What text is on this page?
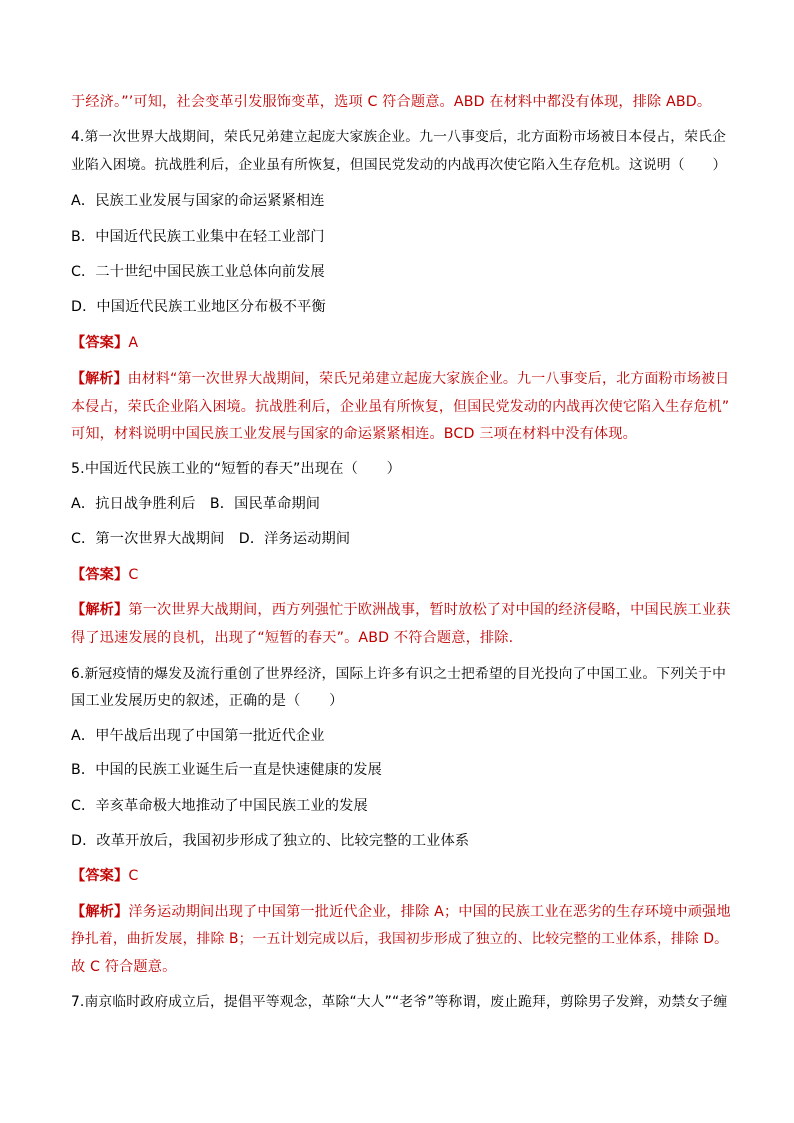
于经济。”’可知，社会变革引发服饰变革，选项 C 符合题意。ABD 在材料中都没有体现，排除 ABD。
4.第一次世界大战期间，荣氏兄弟建立起庞大家族企业。九一八事变后，北方面粉市场被日本侵占，荣氏企
业陷入困境。抗战胜利后，企业虽有所恢复，但国民党发动的内战再次使它陷入生存危机。这说明（　　）
A．民族工业发展与国家的命运紧紧相连
B．中国近代民族工业集中在轻工业部门
C．二十世纪中国民族工业总体向前发展
D．中国近代民族工业地区分布极不平衡
【答案】A
【解析】由材料“第一次世界大战期间，荣氏兄弟建立起庞大家族企业。九一八事变后，北方面粉市场被日
本侵占，荣氏企业陷入困境。抗战胜利后，企业虽有所恢复，但国民党发动的内战再次使它陷入生存危机”
可知，材料说明中国民族工业发展与国家的命运紧紧相连。BCD 三项在材料中没有体现。
5.中国近代民族工业的“短暂的春天”出现在（　　）
A．抗日战争胜利后　B．国民革命期间
C．第一次世界大战期间　D．洋务运动期间
【答案】C
【解析】第一次世界大战期间，西方列强忙于欧洲战事，暂时放松了对中国的经济侵略，中国民族工业获
得了迅速发展的良机，出现了“短暂的春天”。ABD 不符合题意，排除.
6.新冠疫情的爆发及流行重创了世界经济，国际上许多有识之士把希望的目光投向了中国工业。下列关于中
国工业发展历史的叙述，正确的是（　　）
A．甲午战后出现了中国第一批近代企业
B．中国的民族工业诞生后一直是快速健康的发展
C．辛亥革命极大地推动了中国民族工业的发展
D．改革开放后，我国初步形成了独立的、比较完整的工业体系
【答案】C
【解析】洋务运动期间出现了中国第一批近代企业，排除 A；中国的民族工业在恶劣的生存环境中顽强地
挣扎着，曲折发展，排除 B；一五计划完成以后，我国初步形成了独立的、比较完整的工业体系，排除 D。
故 C 符合题意。
7.南京临时政府成立后，提倡平等观念，革除“大人”“老爷”等称谓，废止跪拜，剪除男子发辫，劝禁女子缠
